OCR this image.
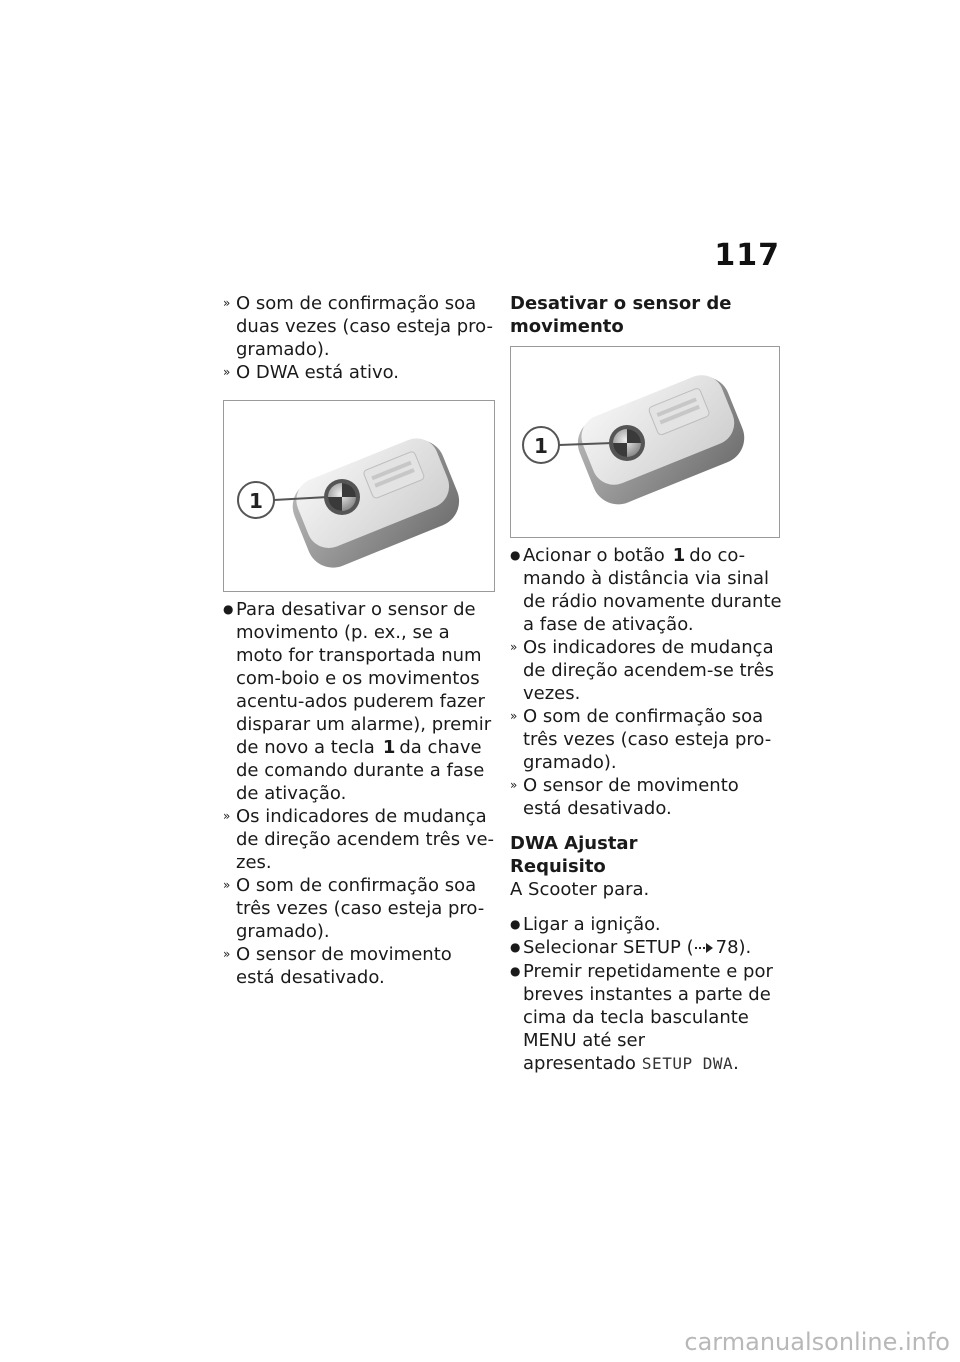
117

» O som de confirmação soa duas vezes (caso esteja pro-gramado).

» O DWA está ativo.

1

● Para desativar o sensor de movimento (p. ex., se a moto for transportada num com-boio e os movimentos acentu-ados puderem fazer disparar um alarme), premir de novo a tecla 1 da chave de comando durante a fase de ativação.

» Os indicadores de mudança de direção acendem três ve-zes.

» O som de confirmação soa três vezes (caso esteja pro-gramado).

» O sensor de movimento está desativado.

Desativar o sensor de movimento

1

● Acionar o botão 1 do co-mando à distância via sinal de rádio novamente durante a fase de ativação.

» Os indicadores de mudança de direção acendem-se três vezes.

» O som de confirmação soa três vezes (caso esteja pro-gramado).

» O sensor de movimento está desativado.

DWA Ajustar

Requisito

A Scooter para.

● Ligar a ignição.

● Selecionar SETUP ( 78).

● Premir repetidamente e por breves instantes a parte de cima da tecla basculante MENU até ser apresentado SETUP DWA.

carmanualsonline.info
